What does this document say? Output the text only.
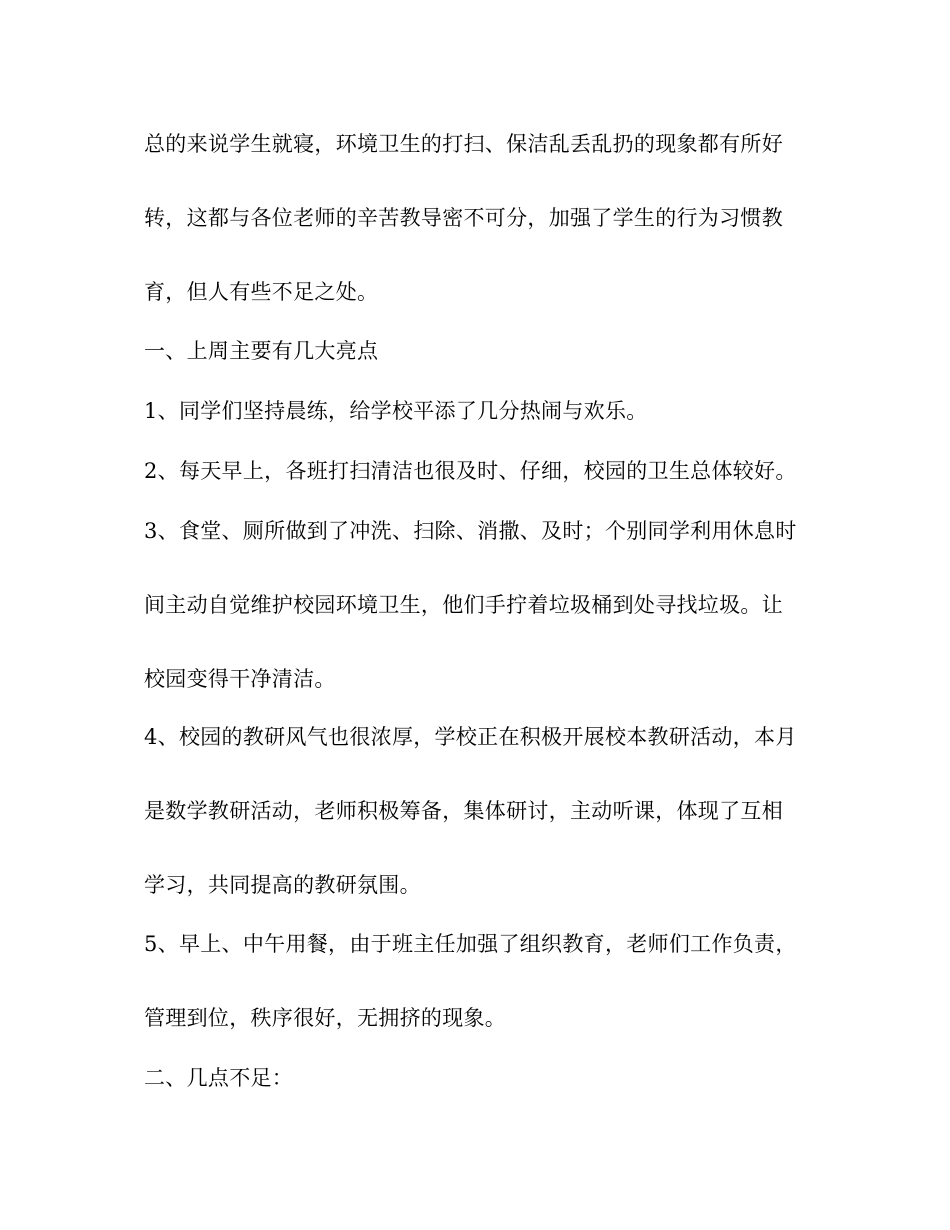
总的来说学生就寝，环境卫生的打扫、保洁乱丢乱扔的现象都有所好
转，这都与各位老师的辛苦教导密不可分，加强了学生的行为习惯教
育，但人有些不足之处。
一、上周主要有几大亮点
1、同学们坚持晨练，给学校平添了几分热闹与欢乐。
2、每天早上，各班打扫清洁也很及时、仔细，校园的卫生总体较好。
3、食堂、厕所做到了冲洗、扫除、消撒、及时；个别同学利用休息时
间主动自觉维护校园环境卫生，他们手拧着垃圾桶到处寻找垃圾。让
校园变得干净清洁。
4、校园的教研风气也很浓厚，学校正在积极开展校本教研活动，本月
是数学教研活动，老师积极筹备，集体研讨，主动听课，体现了互相
学习，共同提高的教研氛围。
5、早上、中午用餐，由于班主任加强了组织教育，老师们工作负责，
管理到位，秩序很好，无拥挤的现象。
二、几点不足：
